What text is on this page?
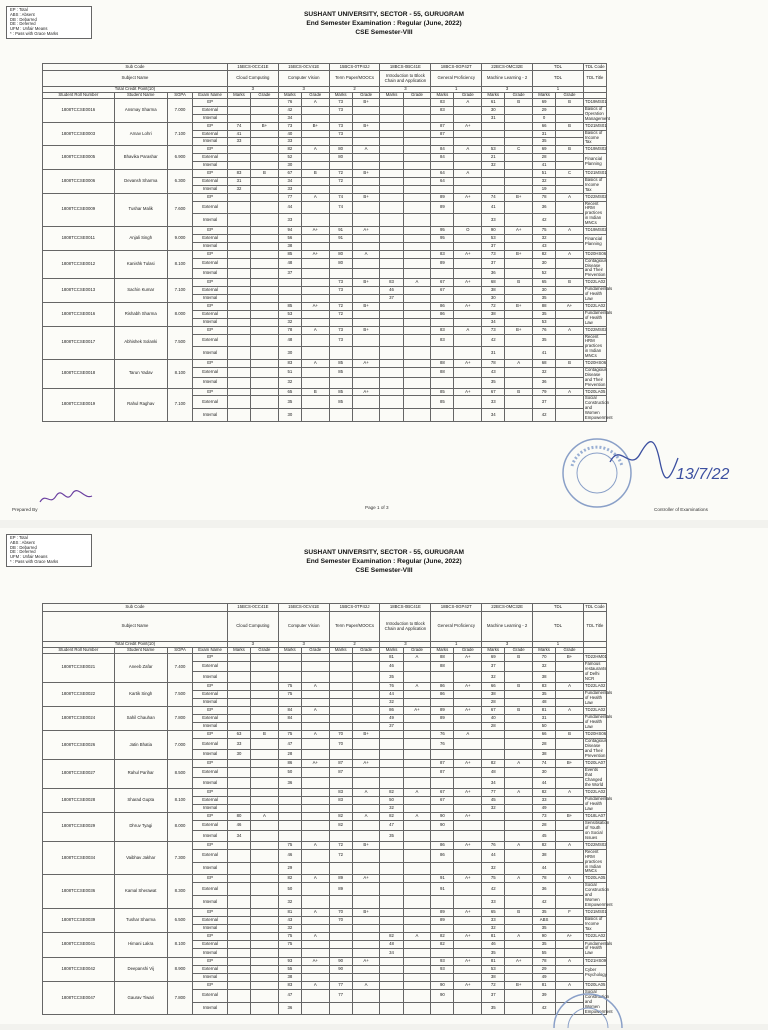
EP : Total
ABS : Absent
DB : Debarred
DE : Deferred
UFM : Unfair Means
* : Pass with Grace Marks
SUSHANT UNIVERSITY, SECTOR - 55, GURUGRAM
End Semester Examination : Regular (June, 2022)
CSE Semester-VIII
Sub Code				15BCS-0CC41E		15BCS-0CV41E		15BCS-0TP42J		18BCS-0BC41E		18BCS-0GP42T		22BCS-0MC32E		TDL		TDL Code
Subject Name				Cloud Computing		Computer Vision		Term Paper/MOOCs		Introduction to Block Chain and Application		General Proficiency		Machine Learning - 2		TDL		TDL Title
Total Credit Point(10)				3		3		2		3		1		3		1		
Student Roll Number	Student Name	SGPA	Exam Name	Marks	Grade	Marks	Grade	Marks	Grade	Marks	Grade	Marks	Grade	Marks	Grade	Marks	Grade	
1808TCCSE0016	Ansmay Sharma	7.000	EP			76	A	73	B+			83	A	61	B	69	B	TD19MS01
			External			42		73				83		30		29		Basics of Operation Management
			Internal			34								31		0		
1808TCCSE0003	Arnav Lohri	7.100	EP	74	B+	73	B+	73	B+			87	A+			66	B	TD21MS01
			External	41		40		73				87				31		Basics of Income Tax
			Internal	33		33										35		
1808TCCSE0005	Bhavika Parashar	6.900	EP			82	A	80	A			84	A	53	C	69	B	TD19MS02
			External			52		80				84		21		28		Financial Planning
			Internal			30								32		41		
1808TCCSE0006	Devansh Sharma	6.300	EP	83	B	67	B	72	B+			64	A			51	C	TD21MS01
			External	31		34		72				64				32		Basics of Income Tax
			Internal	32		33										19		
1808TCCSE0009	Tushar Malik	7.600	EP			77	A	74	B+			89	A+	74	B+	78	A	TD22MS02
			External			44		74				89		41		36		Recent HRM practices in Indian MNCs
			Internal			33								33		42		
1808TCCSE0011	Anjali Singh	9.000	EP			94	A+	91	A+			95	O	90	A+	75	A	TD19MS02
			External			56		91				95		53		32		Financial Planning
			Internal			38								37		43		
1808TCCSE0012	Kanishk Tulasi	8.100	EP			85	A+	80	A			83	A+	73	B+	82	A	TD20HS06
			External			48		80				89		37		30		Contagious Disease and Their Prevention
			Internal			37								36		52		
1808TCCSE0013	Sachin Kumar	7.100	EP					73	B+	83	A	67	A+	68	B	65	B	TD22LA02
			External					73		46		67		38		30		Fundamentals of Health Law
			Internal							37				30		35		
1808TCCSE0016	Rishabh Sharma	8.000	EP			85	A+	72	B+			86	A+	72	B+	88	A+	TD22LA02
			External			53		72				86		38		35		Fundamentals of Health Law
			Internal			32								34		53		
1808TCCSE0017	Abhishek Solanki	7.500	EP			78	A	73	B+			83	A	73	B+	76	A	TD22MS02
			External			48		73				83		42		35		Recent HRM practices in Indian MNCs
			Internal			30								31		41		
1808TCCSE0018	Tarun Yadav	8.100	EP			83	A	85	A+			88	A+	78	A	68	B	TD20HS06
			External			51		85				88		43		32		Contagious Disease and Their Prevention
			Internal			32								35		36		
1808TCCSE0019	Rahul Raghav	7.100	EP			65	B	85	A+			85	A+	67	B	79	A	TD20LA05
			External			35		85				85		33		37		Social Construction and Women Empowerment
			Internal			30								34		42		
Prepared By	Page 1 of 3
13/7/22
Controller of Examinations
EP : Total
ABS : Absent
DB : Debarred
DE : Deferred
UFM : Unfair Means
* : Pass with Grace Marks
SUSHANT UNIVERSITY, SECTOR - 55, GURUGRAM
End Semester Examination : Regular (June, 2022)
CSE Semester-VIII
Sub Code				15BCS-0CC41E		15BCS-0CV41E		15BCS-0TP42J		18BCS-0BC41E		18BCS-0GP42T		22BCS-0MC32E		TDL		TDL Code
Subject Name				Cloud Computing		Computer Vision		Term Paper/MOOCs		Introduction to Block Chain and Application		General Proficiency		Machine Learning - 2		TDL		TDL Title
Total Credit Point(10)				3		3		2		3		1		3		1		
Student Roll Number	Student Name	SGPA	Exam Name	Marks	Grade	Marks	Grade	Marks	Grade	Marks	Grade	Marks	Grade	Marks	Grade	Marks	Grade	
1808TCCSE0021	Aneeb Zafar	7.400	EP							81	A	88	A+	69	B	70	B+	TD22HM01
			External							46		88		37		32		Famous restaurants of Delhi NCR
			Internal							35				32		38		
1808TCCSE0022	Kartik Singh	7.500	EP			75	A			76	A	86	A+	66	B	83	A	TD22LA02
			External			75				44		86		38		35		Fundamentals of Health Law
			Internal							32				28		48		
1808TCCSE0024	Sahil Chauhan	7.800	EP			84	A			86	A+	89	A+	67	B	81	A	TD22LA02
			External			84				49		89		40		31		Fundamentals of Health Law
			Internal							37				28		50		
1808TCCSE0026	Jatin Bhatia	7.000	EP	63	B	75	A	70	B+			76	A			66	B	TD20HS06
			External	33		47		70				76				28		Contagious Disease and Their Prevention
			Internal	30		28										38		
1808TCCSE0027	Rahul Parihar	8.500	EP			86	A+	87	A+			87	A+	82	A	74	B+	TD20LA07
			External			50		87				87		48		30		Events that Changed the World
			Internal			36								34		44		
1808TCCSE0028	Sharad Gupta	8.100	EP					83	A	82	A	67	A+	77	A	82	A	TD22LA02
			External					83		50		67		45		33		Fundamentals of Health Law
			Internal							32				32		49		
1808TCCSE0029	Dhruv Tyagi	8.000	EP	80	A			82	A	82	A	90	A+			73	B+	TD18LA07
			External	46				82		47		90				28		Sensitisation of Youth on Social Issues
			Internal	34						35						45		
1808TCCSE0034	Vaibhav Jakhar	7.300	EP			75	A	72	B+			86	A+	76	A	82	A	TD22MS02
			External			46		72				86		44		38		Recent HRM practices in Indian MNCs
			Internal			29								32		44		
1808TCCSE0036	Kamal Sherawat	8.300	EP			82	A	89	A+			91	A+	75	A	78	A	TD20LA05
			External			50		89				91		42		36		Social Construction and Women Empowerment
			Internal			32								33		42		
1808TCCSE0039	Tushar Sharma	6.500	EP			81	A	70	B+			89	A+	65	B	35	F	TD21MS01
			External			43		70				89		33		ABS		Basics of Income Tax
			Internal			32								32		35		
1808TCCSE0041	Himani Lakra	8.100	EP			75	A			82	A	82	A+	81	A	90	A+	TD22LA02
			External			75				48		82		46		35		Fundamentals of Health Law
			Internal							34				35		55		
1808TCCSE0042	Deepanshi Vij	8.900	EP			93	A+	90	A+			93	A+	81	A+	78	A	TD21HS09
			External			55		90				93		53		29		Cyber Psychology
			Internal			38								38		49		
1808TCCSE0047	Gaurav Tiwari	7.800	EP			83	A	77	A			90	A+	72	B+	81	A	TD20LA05
			External			47		77				90		37		39		Social Construction and Women Empowerment
			Internal			36								35		42		
